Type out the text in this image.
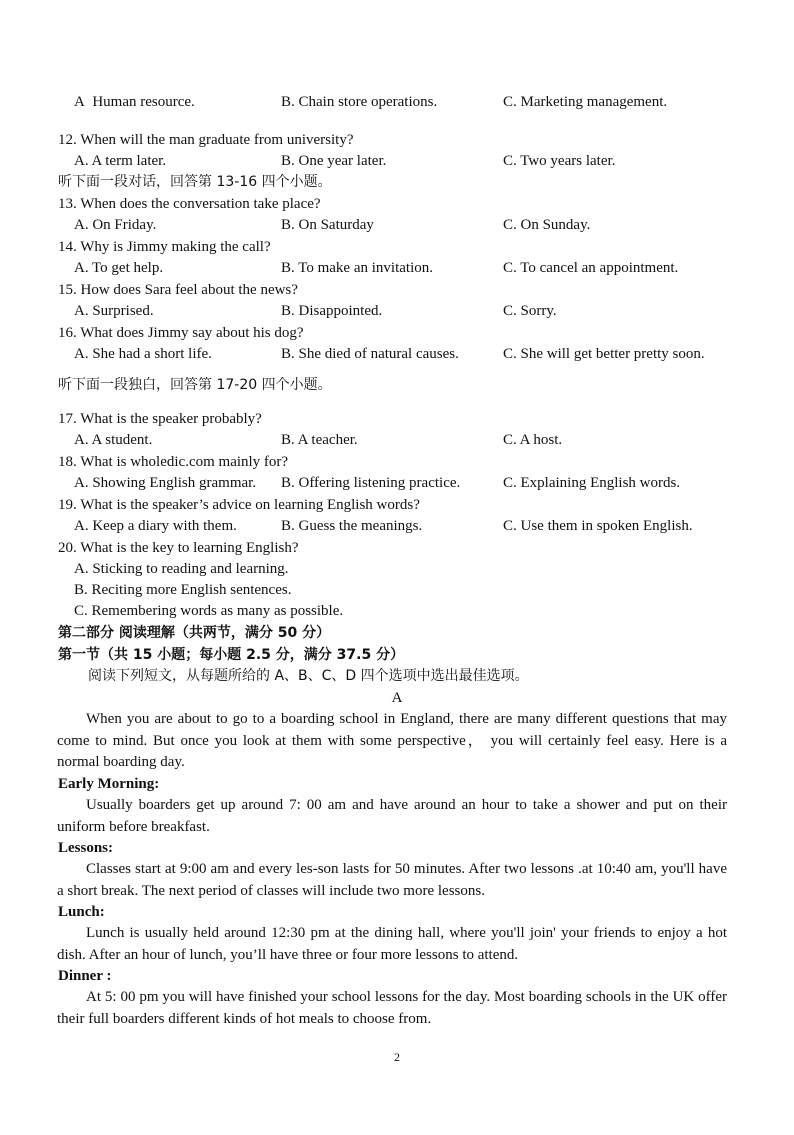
A Human resource.	B. Chain store operations.	C. Marketing management.
12. When will the man graduate from university?
A. A term later.	B. One year later.	C. Two years later.
听下面一段对话，回答第 13-16 四个小题。
13. When does the conversation take place?
A. On Friday.	B. On Saturday	C. On Sunday.
14. Why is Jimmy making the call?
A. To get help.	B. To make an invitation.	C. To cancel an appointment.
15. How does Sara feel about the news?
A. Surprised.	B. Disappointed.	C. Sorry.
16. What does Jimmy say about his dog?
A. She had a short life.	B. She died of natural causes.	C. She will get better pretty soon.
听下面一段独白，回答第 17-20 四个小题。
17. What is the speaker probably?
A. A student.	B. A teacher.	C. A host.
18. What is wholedic.com mainly for?
A. Showing English grammar. B. Offering listening practice.	C. Explaining English words.
19. What is the speaker’s advice on learning English words?
A. Keep a diary with them.	B. Guess the meanings.	C. Use them in spoken English.
20. What is the key to learning English?
A. Sticking to reading and learning.
B. Reciting more English sentences.
C. Remembering words as many as possible.
第二部分 阅读理解（共两节，满分 50 分）
第一节（共 15 小题；每小题 2.5 分，满分 37.5 分）
阅读下列短文，从每题所给的 A、B、C、D 四个选项中选出最佳选项。
A
When you are about to go to a boarding school in England, there are many different questions that may come to mind. But once you look at them with some perspective， you will certainly feel easy. Here is a normal boarding day.
Early Morning:
Usually boarders get up around 7: 00 am and have around an hour to take a shower and put on their uniform before breakfast.
Lessons:
Classes start at 9:00 am and every les-son lasts for 50 minutes. After two lessons .at 10:40 am, you'll have a short break. The next period of classes will include two more lessons.
Lunch:
Lunch is usually held around 12:30 pm at the dining hall, where you'll join' your friends to enjoy a hot dish. After an hour of lunch, you’ll have three or four more lessons to attend.
Dinner :
At 5: 00 pm you will have finished your school lessons for the day. Most boarding schools in the UK offer their full boarders different kinds of hot meals to choose from.
2
